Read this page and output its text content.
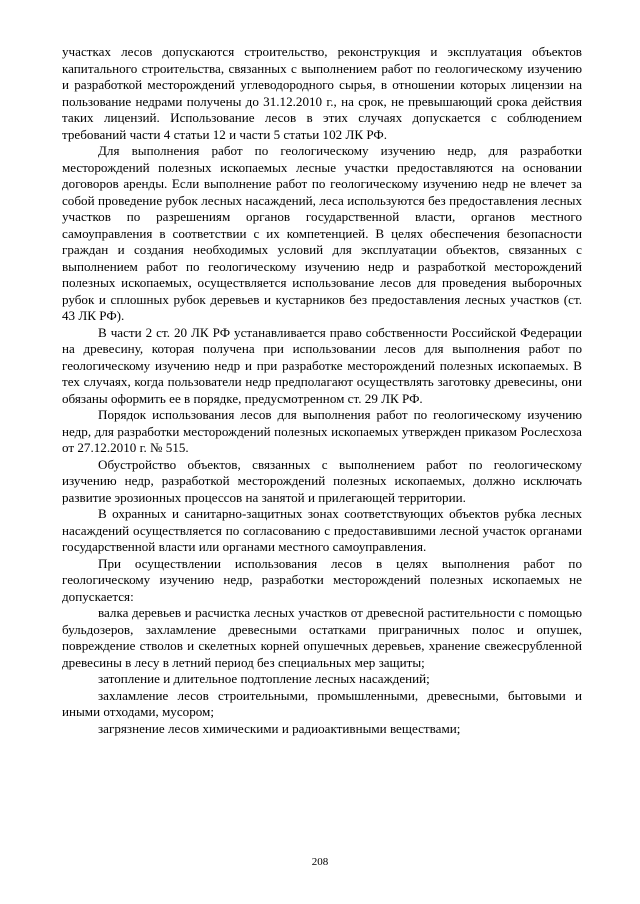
участках лесов допускаются строительство, реконструкция и эксплуатация объектов капитального строительства, связанных с выполнением работ по геологическому изучению и разработкой месторождений углеводородного сырья, в отношении которых лицензии на пользование недрами получены до 31.12.2010 г., на срок, не превышающий срока действия таких лицензий. Использование лесов в этих случаях допускается с соблюдением требований части 4 статьи 12 и части 5 статьи 102 ЛК РФ.

Для выполнения работ по геологическому изучению недр, для разработки месторождений полезных ископаемых лесные участки предоставляются на основании договоров аренды. Если выполнение работ по геологическому изучению недр не влечет за собой проведение рубок лесных насаждений, леса используются без предоставления лесных участков по разрешениям органов государственной власти, органов местного самоуправления в соответствии с их компетенцией. В целях обеспечения безопасности граждан и создания необходимых условий для эксплуатации объектов, связанных с выполнением работ по геологическому изучению недр и разработкой месторождений полезных ископаемых, осуществляется использование лесов для проведения выборочных рубок и сплошных рубок деревьев и кустарников без предоставления лесных участков (ст. 43 ЛК РФ).

В части 2 ст. 20 ЛК РФ устанавливается право собственности Российской Федерации на древесину, которая получена при использовании лесов для выполнения работ по геологическому изучению недр и при разработке месторождений полезных ископаемых. В тех случаях, когда пользователи недр предполагают осуществлять заготовку древесины, они обязаны оформить ее в порядке, предусмотренном ст. 29 ЛК РФ.

Порядок использования лесов для выполнения работ по геологическому изучению недр, для разработки месторождений полезных ископаемых утвержден приказом Рослесхоза от 27.12.2010 г. № 515.

Обустройство объектов, связанных с выполнением работ по геологическому изучению недр, разработкой месторождений полезных ископаемых, должно исключать развитие эрозионных процессов на занятой и прилегающей территории.

В охранных и санитарно-защитных зонах соответствующих объектов рубка лесных насаждений осуществляется по согласованию с предоставившими лесной участок органами государственной власти или органами местного самоуправления.

При осуществлении использования лесов в целях выполнения работ по геологическому изучению недр, разработки месторождений полезных ископаемых не допускается:

валка деревьев и расчистка лесных участков от древесной растительности с помощью бульдозеров, захламление древесными остатками приграничных полос и опушек, повреждение стволов и скелетных корней опушечных деревьев, хранение свежесрубленной древесины в лесу в летний период без специальных мер защиты;

затопление и длительное подтопление лесных насаждений;

захламление лесов строительными, промышленными, древесными, бытовыми и иными отходами, мусором;

загрязнение лесов химическими и радиоактивными веществами;

208
